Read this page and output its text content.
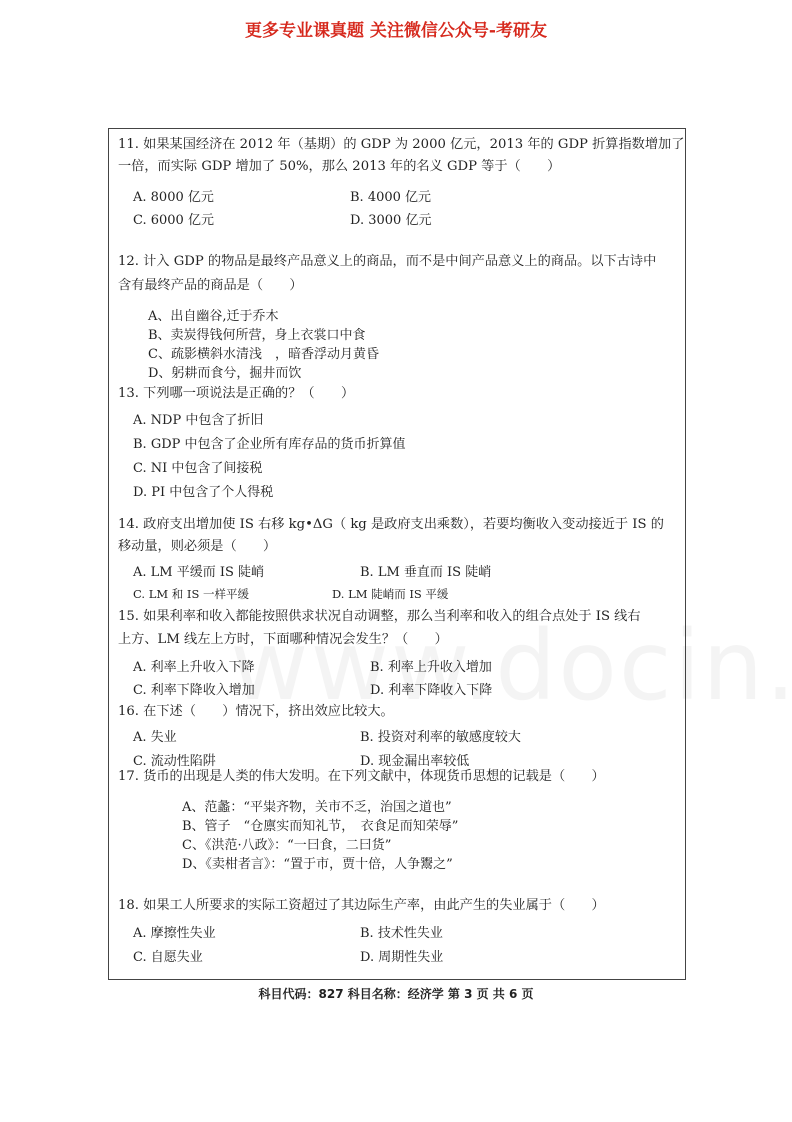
更多专业课真题 关注微信公众号-考研友
11. 如果某国经济在 2012 年（基期）的 GDP 为 2000 亿元，2013 年的 GDP 折算指数增加了
一倍，而实际 GDP 增加了 50%，那么 2013 年的名义 GDP 等于（　　）
A. 8000 亿元	B. 4000 亿元
C. 6000 亿元	D. 3000 亿元
12. 计入 GDP 的物品是最终产品意义上的商品，而不是中间产品意义上的商品。以下古诗中
含有最终产品的商品是（　　）
A、出自幽谷,迁于乔木
B、卖炭得钱何所营，身上衣裳口中食
C、疏影横斜水清浅　，暗香浮动月黄昏
D、躬耕而食兮，掘井而饮
13. 下列哪一项说法是正确的？（　　）
A. NDP 中包含了折旧
B. GDP 中包含了企业所有库存品的货币折算值
C. NI 中包含了间接税
D. PI 中包含了个人得税
14. 政府支出增加使 IS 右移 kg•ΔG（ kg 是政府支出乘数），若要均衡收入变动接近于 IS 的
移动量，则必须是（　　）
A. LM 平缓而 IS 陡峭	B. LM 垂直而 IS 陡峭
C. LM 和 IS 一样平缓	D. LM 陡峭而 IS 平缓
15. 如果利率和收入都能按照供求状况自动调整，那么当利率和收入的组合点处于 IS 线右
上方、LM 线左上方时，下面哪种情况会发生？（　　）
A. 利率上升收入下降	B. 利率上升收入增加
C. 利率下降收入增加	D. 利率下降收入下降
16. 在下述（　　）情况下，挤出效应比较大。
A. 失业	B. 投资对利率的敏感度较大
C. 流动性陷阱	D. 现金漏出率较低
17. 货币的出现是人类的伟大发明。在下列文献中，体现货币思想的记载是（　　）
A、范蠡：“平粜齐物，关市不乏，治国之道也”
B、管子　“仓廪实而知礼节，　衣食足而知荣辱”
C、《洪范·八政》：“一曰食，二曰货”
D、《卖柑者言》：“置于市，贾十倍，人争鬻之”
18. 如果工人所要求的实际工资超过了其边际生产率，由此产生的失业属于（　　）
A. 摩擦性失业	B. 技术性失业
C. 自愿失业	D. 周期性失业
科目代码：827 科目名称：经济学 第 3 页 共 6 页
